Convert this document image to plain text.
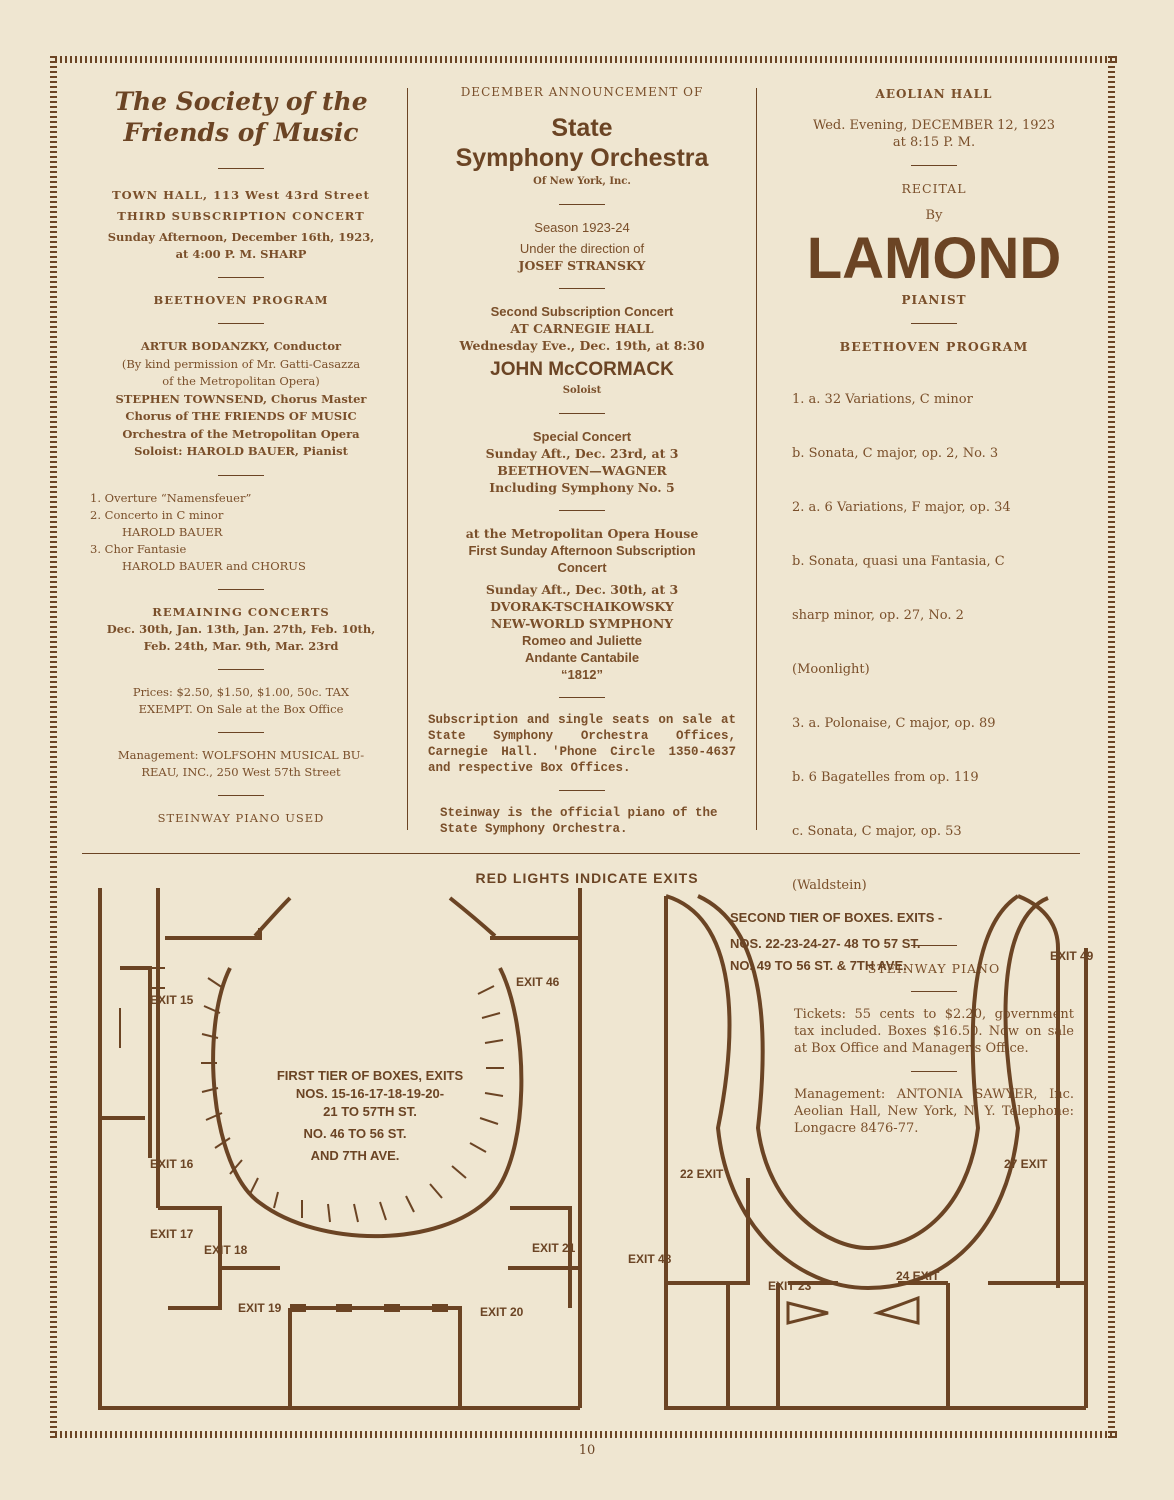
The Society of the
Friends of Music
TOWN HALL, 113 West 43rd Street
THIRD SUBSCRIPTION CONCERT
Sunday Afternoon, December 16th, 1923,
at 4:00 P. M. SHARP
BEETHOVEN PROGRAM
ARTUR BODANZKY, Conductor
(By kind permission of Mr. Gatti-Casazza
of the Metropolitan Opera)
STEPHEN TOWNSEND, Chorus Master
Chorus of THE FRIENDS OF MUSIC
Orchestra of the Metropolitan Opera
Soloist: HAROLD BAUER, Pianist
1. Overture “Namensfeuer”
2. Concerto in C minor
HAROLD BAUER
3. Chor Fantasie
HAROLD BAUER and CHORUS
REMAINING CONCERTS
Dec. 30th, Jan. 13th, Jan. 27th, Feb. 10th,
Feb. 24th, Mar. 9th, Mar. 23rd
Prices: $2.50, $1.50, $1.00, 50c. TAX
EXEMPT. On Sale at the Box Office
Management: WOLFSOHN MUSICAL BU-
REAU, INC., 250 West 57th Street
STEINWAY PIANO USED
DECEMBER ANNOUNCEMENT OF
State
Symphony Orchestra
Of New York, Inc.
Season 1923-24
Under the direction of
JOSEF STRANSKY
Second Subscription Concert
AT CARNEGIE HALL
Wednesday Eve., Dec. 19th, at 8:30
JOHN McCORMACK
Soloist
Special Concert
Sunday Aft., Dec. 23rd, at 3
BEETHOVEN—WAGNER
Including Symphony No. 5
at the Metropolitan Opera House
First Sunday Afternoon Subscription
Concert
Sunday Aft., Dec. 30th, at 3
DVORAK-TSCHAIKOWSKY
NEW-WORLD SYMPHONY
Romeo and Juliette
Andante Cantabile
“1812”
Subscription and single seats on sale at State Symphony Orchestra Offices, Carnegie Hall. 'Phone Circle 1350-4637 and respective Box Offices.
Steinway is the official piano of the State Symphony Orchestra.
AEOLIAN HALL
Wed. Evening, DECEMBER 12, 1923
at 8:15 P. M.
RECITAL
By
LAMOND
PIANIST
BEETHOVEN PROGRAM

1. a. 32 Variations, C minor

b. Sonata, C major, op. 2, No. 3

2. a. 6 Variations, F major, op. 34

b. Sonata, quasi una Fantasia, C

sharp minor, op. 27, No. 2

(Moonlight)

3. a. Polonaise, C major, op. 89

b. 6 Bagatelles from op. 119

c. Sonata, C major, op. 53

(Waldstein)

STEINWAY PIANO
Tickets: 55 cents to $2.20, government tax included. Boxes $16.50. Now on sale at Box Office and Manager's Office.
Management: ANTONIA SAWYER, Inc. Aeolian Hall, New York, N. Y. Telephone: Longacre 8476-77.
RED LIGHTS INDICATE EXITS
EXIT 15
EXIT 16
EXIT 17
EXIT 18
EXIT 19	EXIT 20
EXIT 21
EXIT 46
FIRST TIER OF BOXES, EXITS
NOS. 15-16-17-18-19-20-
21 TO 57TH ST.
NO. 46 TO 56 ST.
AND 7TH AVE.
22 EXIT
EXIT 23
24 EXIT
27 EXIT
EXIT 48
EXIT 49
SECOND TIER OF BOXES. EXITS -
NOS. 22-23-24-27- 48 TO 57 ST.
NO. 49 TO 56 ST. & 7TH AVE.
10
